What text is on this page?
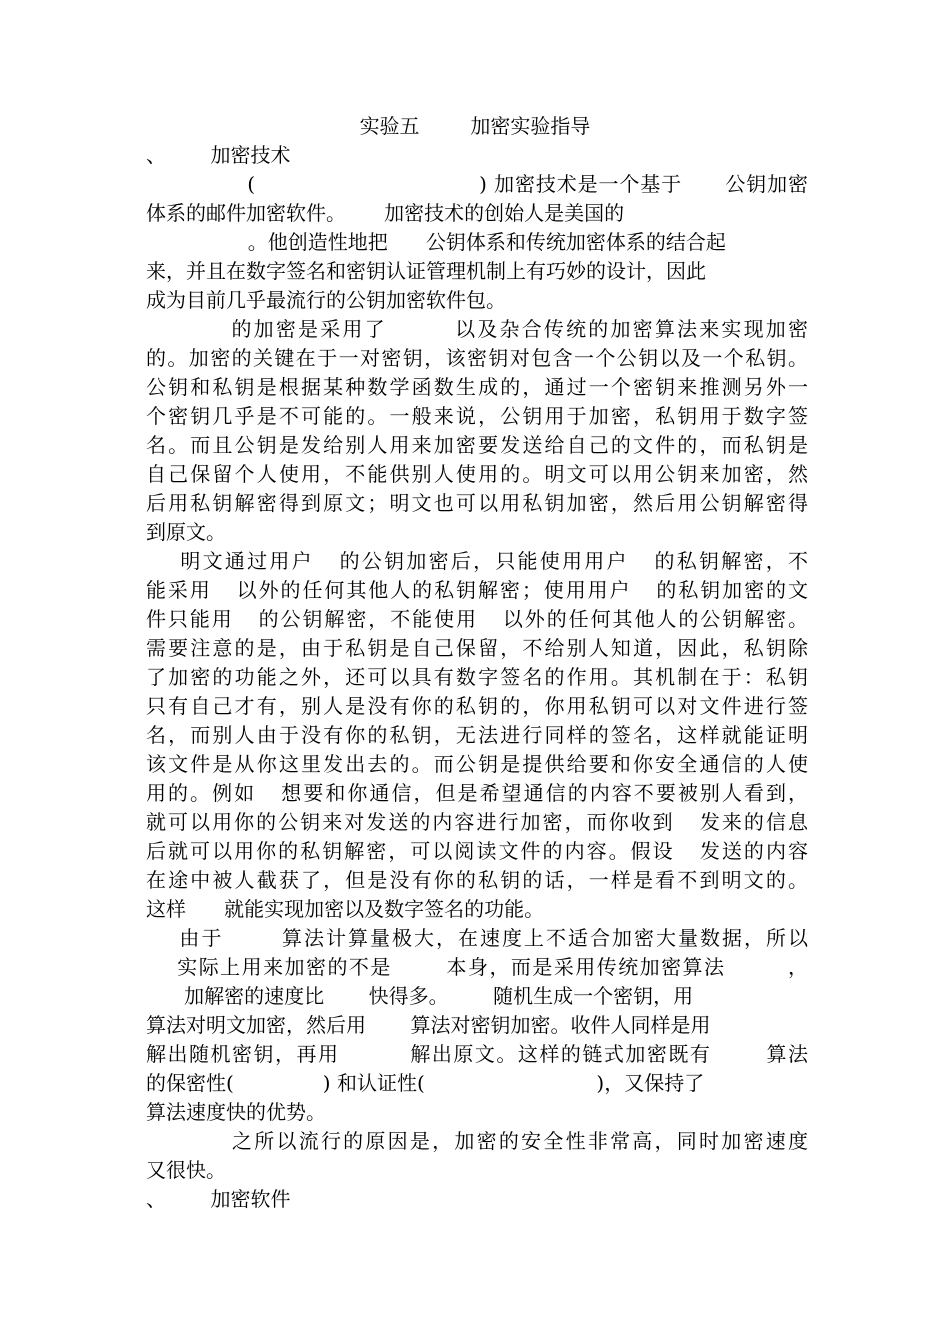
实验五        加密实验指导
、       加密技术
(                               ) 加密技术是一个基于      公钥加密
体系的邮件加密软件。      加密技术的创始人是美国的
。他创造性地把      公钥体系和传统加密体系的结合起
来，并且在数字签名和密钥认证管理机制上有巧妙的设计，因此
成为目前几乎最流行的公钥加密软件包。
的加密是采用了        以及杂合传统的加密算法来实现加密
的。加密的关键在于一对密钥，该密钥对包含一个公钥以及一个私钥。
公钥和私钥是根据某种数学函数生成的，通过一个密钥来推测另外一
个密钥几乎是不可能的。一般来说，公钥用于加密，私钥用于数字签
名。而且公钥是发给别人用来加密要发送给自己的文件的，而私钥是
自己保留个人使用，不能供别人使用的。明文可以用公钥来加密，然
后用私钥解密得到原文；明文也可以用私钥加密，然后用公钥解密得
到原文。
明文通过用户   的公钥加密后，只能使用用户   的私钥解密，不
能采用   以外的任何其他人的私钥解密；使用用户   的私钥加密的文
件只能用   的公钥解密，不能使用   以外的任何其他人的公钥解密。
需要注意的是，由于私钥是自己保留，不给别人知道，因此，私钥除
了加密的功能之外，还可以具有数字签名的作用。其机制在于：私钥
只有自己才有，别人是没有你的私钥的，你用私钥可以对文件进行签
名，而别人由于没有你的私钥，无法进行同样的签名，这样就能证明
该文件是从你这里发出去的。而公钥是提供给要和你安全通信的人使
用的。例如   想要和你通信，但是希望通信的内容不要被别人看到，
就可以用你的公钥来对发送的内容进行加密，而你收到   发来的信息
后就可以用你的私钥解密，可以阅读文件的内容。假设   发送的内容
在途中被人截获了，但是没有你的私钥的话，一样是看不到明文的。
这样      就能实现加密以及数字签名的功能。
由于       算法计算量极大，在速度上不适合加密大量数据，所以
实际上用来加密的不是       本身，而是采用传统加密算法        ，
加解密的速度比       快得多。       随机生成一个密钥，用
算法对明文加密，然后用       算法对密钥加密。收件人同样是用
解出随机密钥，再用         解出原文。这样的链式加密既有       算法
的保密性(              ) 和认证性(                           )，又保持了
算法速度快的优势。
之所以流行的原因是，加密的安全性非常高，同时加密速度
又很快。
、       加密软件
